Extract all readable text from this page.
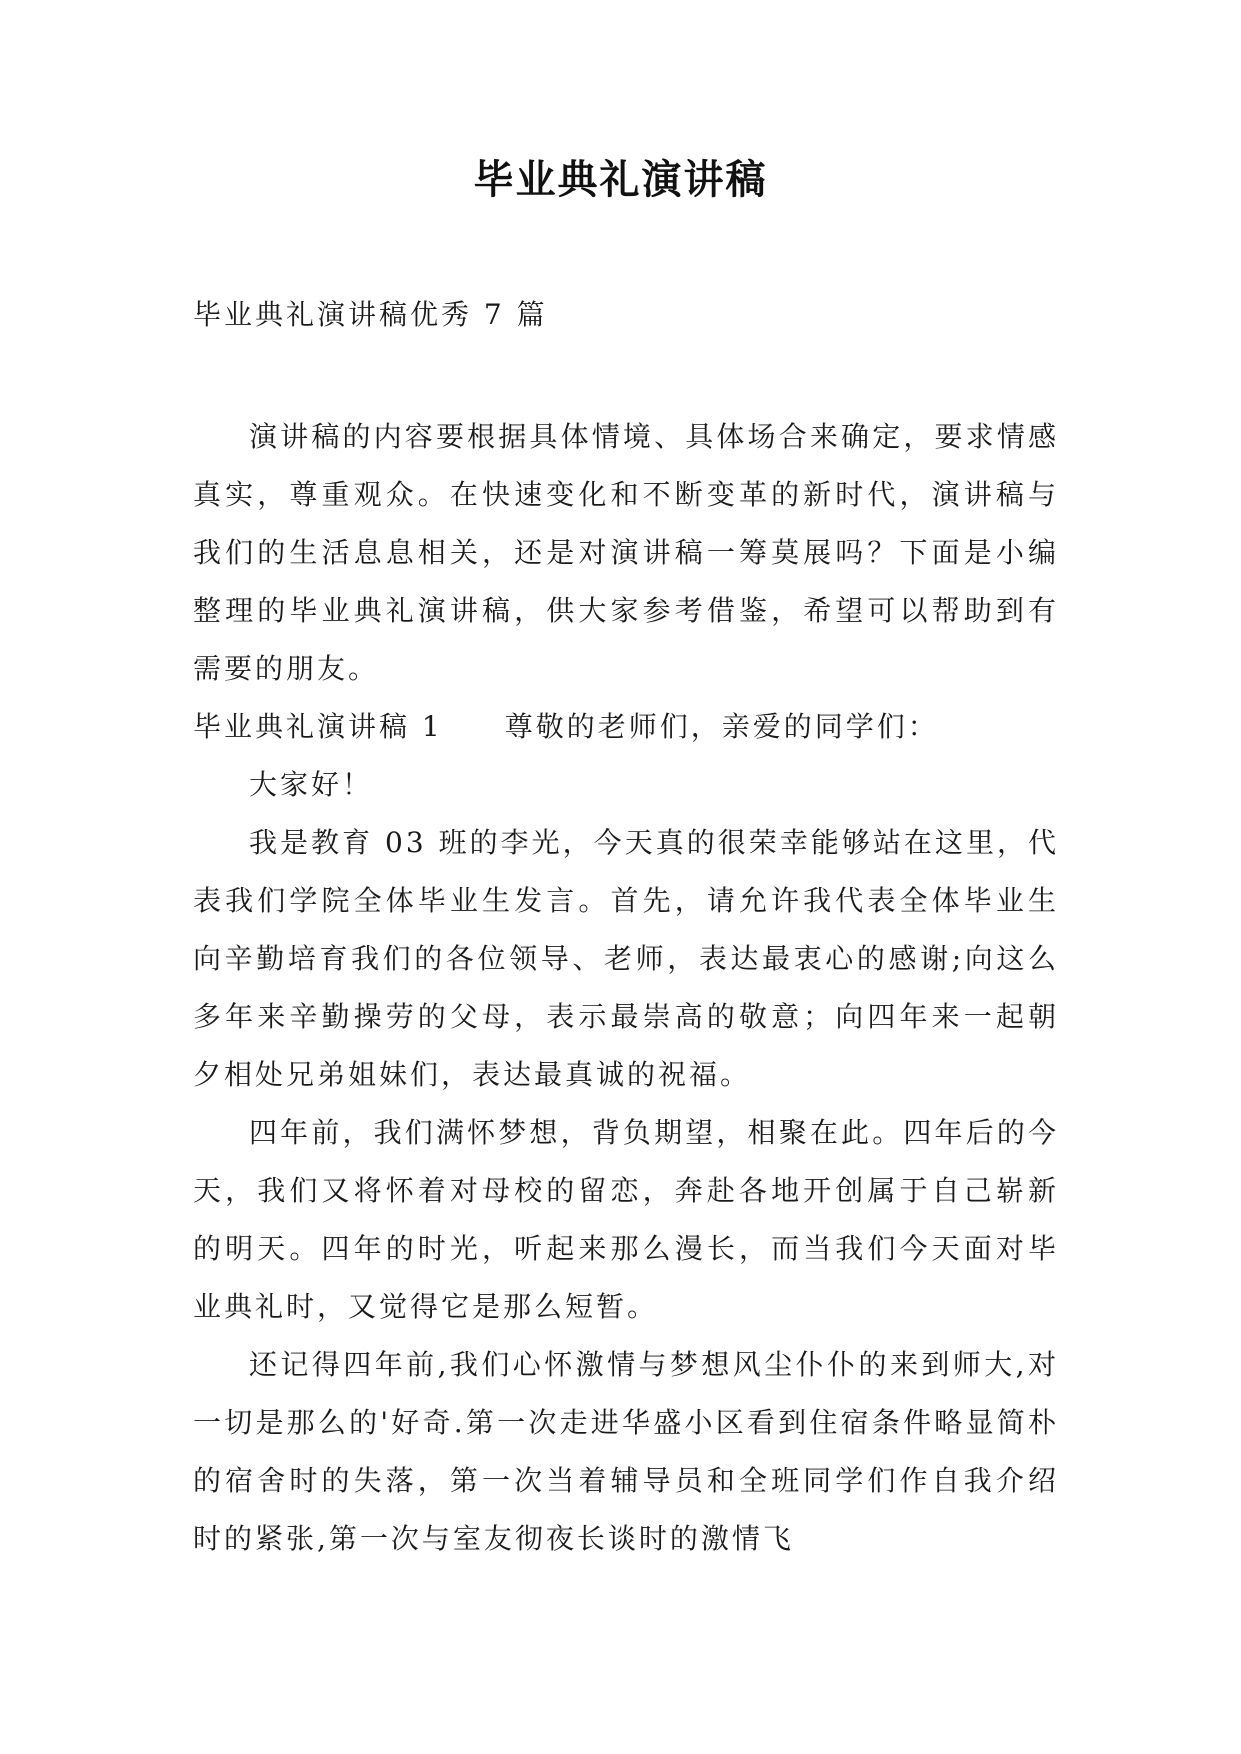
毕业典礼演讲稿
毕业典礼演讲稿优秀 7 篇

演讲稿的内容要根据具体情境、具体场合来确定，要求情感真实，尊重观众。在快速变化和不断变革的新时代，演讲稿与我们的生活息息相关，还是对演讲稿一筹莫展吗？下面是小编整理的毕业典礼演讲稿，供大家参考借鉴，希望可以帮助到有需要的朋友。

毕业典礼演讲稿 1 尊敬的老师们，亲爱的同学们：

大家好！

我是教育 03 班的李光，今天真的很荣幸能够站在这里，代表我们学院全体毕业生发言。首先，请允许我代表全体毕业生向辛勤培育我们的各位领导、老师，表达最衷心的感谢;向这么多年来辛勤操劳的父母，表示最崇高的敬意；向四年来一起朝夕相处兄弟姐妹们，表达最真诚的祝福。

四年前，我们满怀梦想，背负期望，相聚在此。四年后的今天，我们又将怀着对母校的留恋，奔赴各地开创属于自己崭新的明天。四年的时光，听起来那么漫长，而当我们今天面对毕业典礼时，又觉得它是那么短暂。

还记得四年前,我们心怀激情与梦想风尘仆仆的来到师大,对一切是那么的'好奇.第一次走进华盛小区看到住宿条件略显简朴的宿舍时的失落，第一次当着辅导员和全班同学们作自我介绍时的紧张,第一次与室友彻夜长谈时的激情飞
